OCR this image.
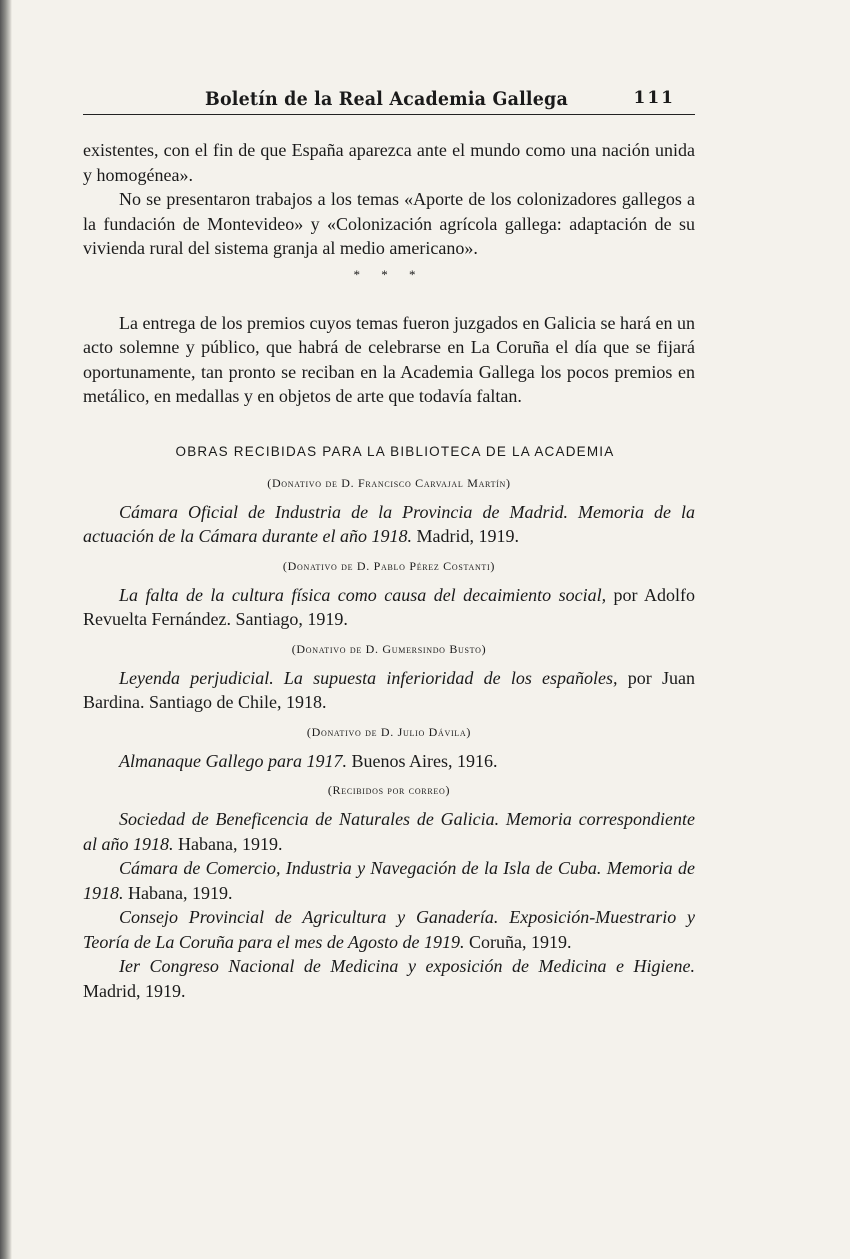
Boletín de la Real Academia Gallega	111

existentes, con el fin de que España aparezca ante el mundo como una nación unida y homogénea».

No se presentaron trabajos a los temas «Aporte de los colonizadores gallegos a la fundación de Montevideo» y «Colonización agrícola gallega: adaptación de su vivienda rural del sistema granja al medio americano».

* * *

La entrega de los premios cuyos temas fueron juzgados en Galicia se hará en un acto solemne y público, que habrá de celebrarse en La Coruña el día que se fijará oportunamente, tan pronto se reciban en la Academia Gallega los pocos premios en metálico, en medallas y en objetos de arte que todavía faltan.

OBRAS RECIBIDAS PARA LA BIBLIOTECA DE LA ACADEMIA
(Donativo de D. Francisco Carvajal Martín)

Cámara Oficial de Industria de la Provincia de Madrid. Memoria de la actuación de la Cámara durante el año 1918. Madrid, 1919.

(Donativo de D. Pablo Pérez Costanti)

La falta de la cultura física como causa del decaimiento social, por Adolfo Revuelta Fernández. Santiago, 1919.

(Donativo de D. Gumersindo Busto)

Leyenda perjudicial. La supuesta inferioridad de los españoles, por Juan Bardina. Santiago de Chile, 1918.

(Donativo de D. Julio Dávila)

Almanaque Gallego para 1917. Buenos Aires, 1916.

(Recibidos por correo)

Sociedad de Beneficencia de Naturales de Galicia. Memoria correspondiente al año 1918. Habana, 1919.

Cámara de Comercio, Industria y Navegación de la Isla de Cuba. Memoria de 1918. Habana, 1919.

Consejo Provincial de Agricultura y Ganadería. Exposición-Muestrario y Teoría de La Coruña para el mes de Agosto de 1919. Coruña, 1919.

Ier Congreso Nacional de Medicina y exposición de Medicina e Higiene. Madrid, 1919.
